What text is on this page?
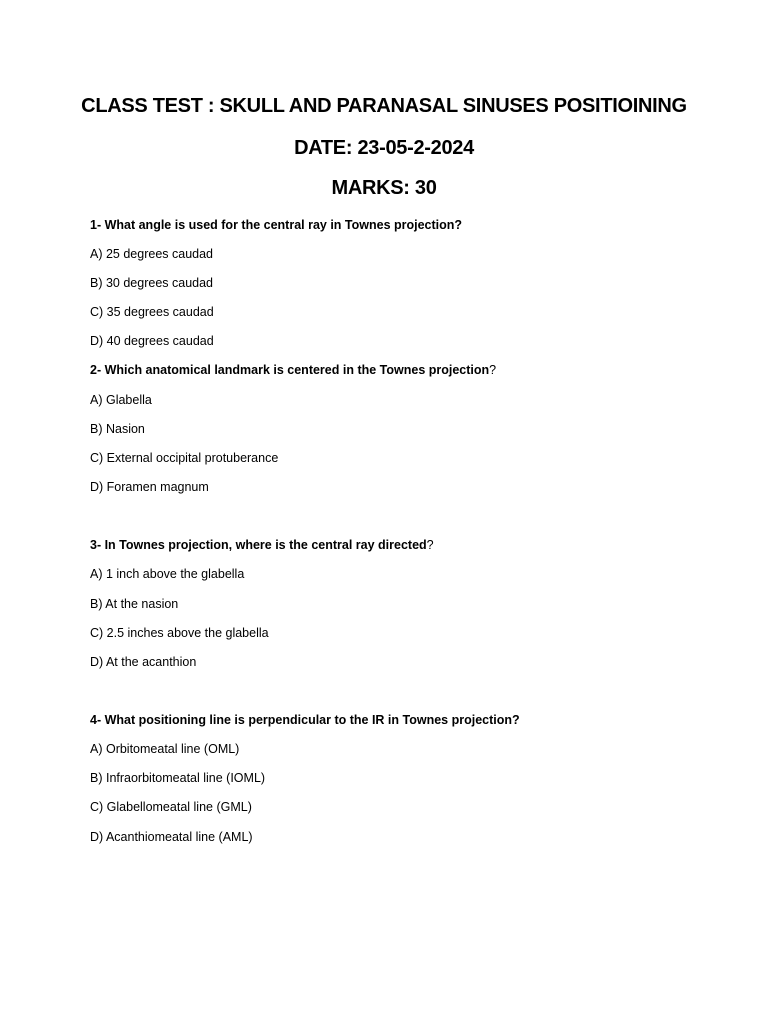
CLASS TEST : SKULL AND PARANASAL SINUSES POSITIOINING
DATE: 23-05-2-2024
MARKS: 30
1- What angle is used for the central ray in Townes projection?
A) 25 degrees caudad
B) 30 degrees caudad
C) 35 degrees caudad
D) 40 degrees caudad
2- Which anatomical landmark is centered in the Townes projection?
A) Glabella
B) Nasion
C) External occipital protuberance
D) Foramen magnum
3- In Townes projection, where is the central ray directed?
A) 1 inch above the glabella
B) At the nasion
C) 2.5 inches above the glabella
D) At the acanthion
4- What positioning line is perpendicular to the IR in Townes projection?
A) Orbitomeatal line (OML)
B) Infraorbitomeatal line (IOML)
C) Glabellomeatal line (GML)
D) Acanthiomeatal line (AML)
